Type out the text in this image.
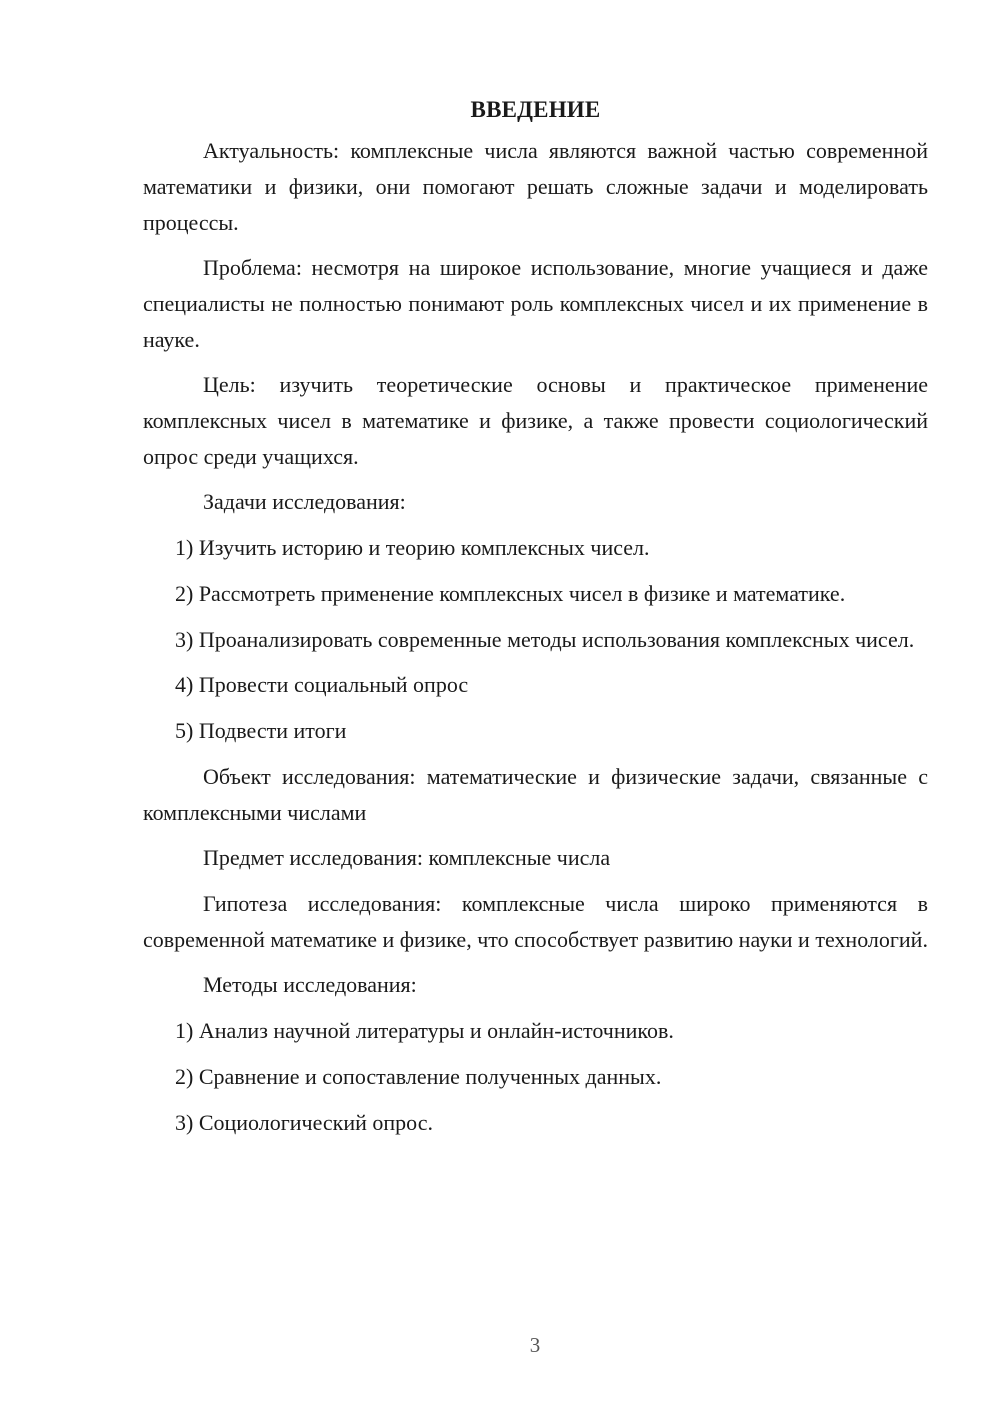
ВВЕДЕНИЕ

Актуальность: комплексные числа являются важной частью современной математики и физики, они помогают решать сложные задачи и моделировать процессы.

Проблема: несмотря на широкое использование, многие учащиеся и даже специалисты не полностью понимают роль комплексных чисел и их применение в науке.

Цель: изучить теоретические основы и практическое применение комплексных чисел в математике и физике, а также провести социологический опрос среди учащихся.

Задачи исследования:

1) Изучить историю и теорию комплексных чисел.

2) Рассмотреть применение комплексных чисел в физике и математике.

3) Проанализировать современные методы использования комплексных чисел.

4) Провести социальный опрос

5) Подвести итоги

Объект исследования: математические и физические задачи, связанные с комплексными числами

Предмет исследования: комплексные числа

Гипотеза исследования: комплексные числа широко применяются в современной математике и физике, что способствует развитию науки и технологий.

Методы исследования:

1) Анализ научной литературы и онлайн-источников.

2) Сравнение и сопоставление полученных данных.

3) Социологический опрос.

3
